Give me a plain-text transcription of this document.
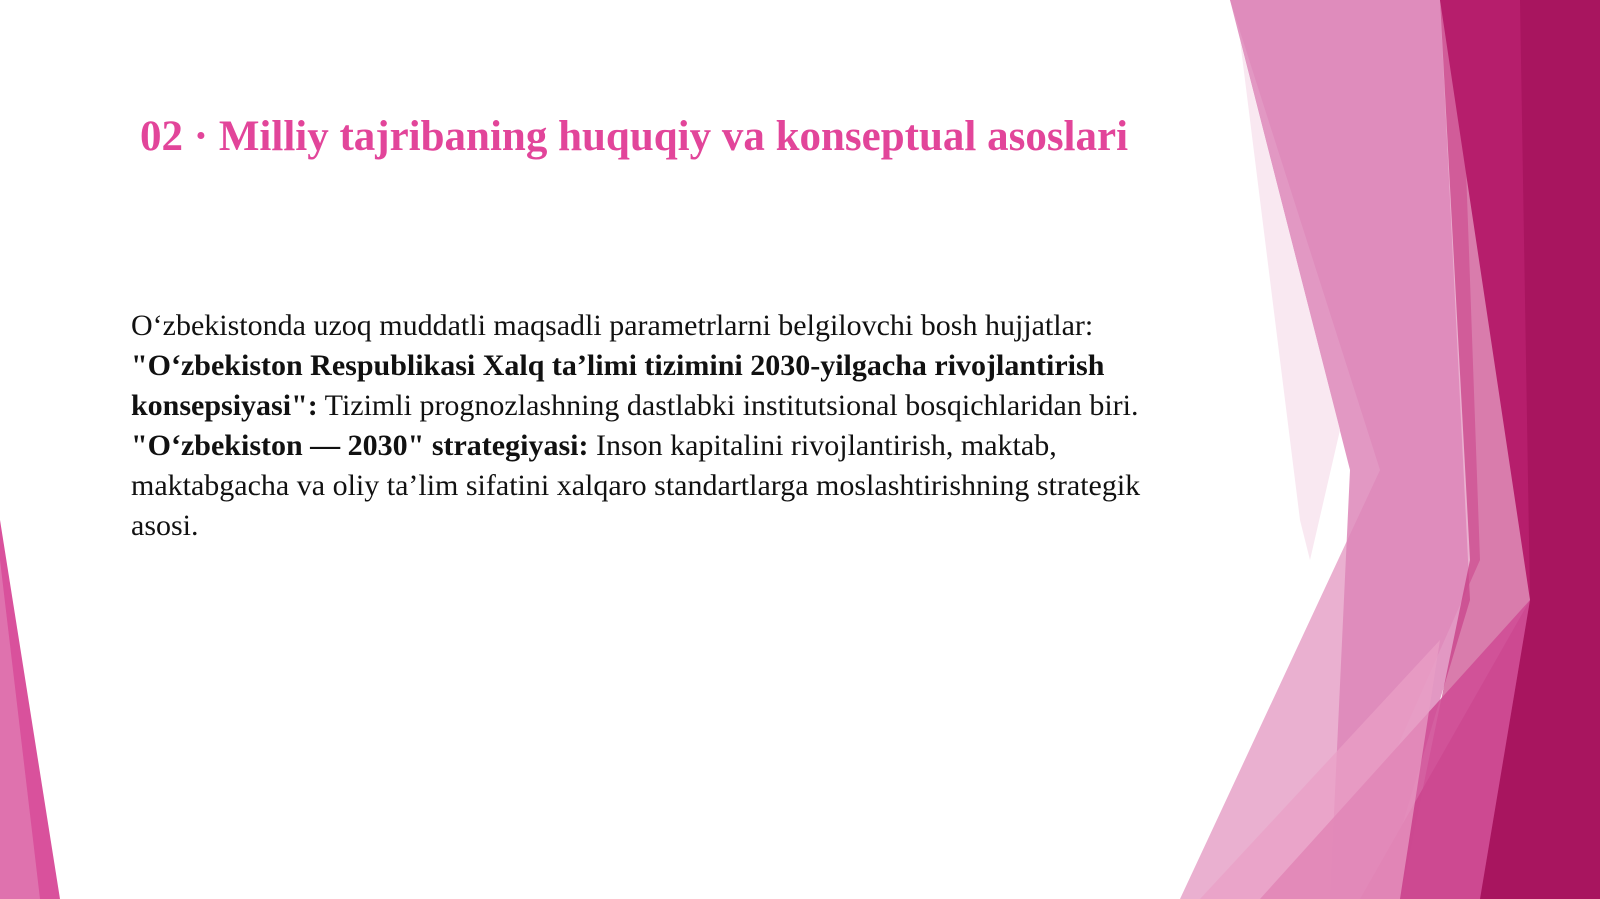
02 · Milliy tajribaning huquqiy va konseptual asoslari

O‘zbekistonda uzoq muddatli maqsadli parametrlarni belgilovchi bosh hujjatlar:

"O‘zbekiston Respublikasi Xalq ta’limi tizimini 2030-yilgacha rivojlantirish konsepsiyasi": Tizimli prognozlashning dastlabki institutsional bosqichlaridan biri.

"O‘zbekiston — 2030" strategiyasi: Inson kapitalini rivojlantirish, maktab, maktabgacha va oliy ta’lim sifatini xalqaro standartlarga moslashtirishning strategik asosi.
